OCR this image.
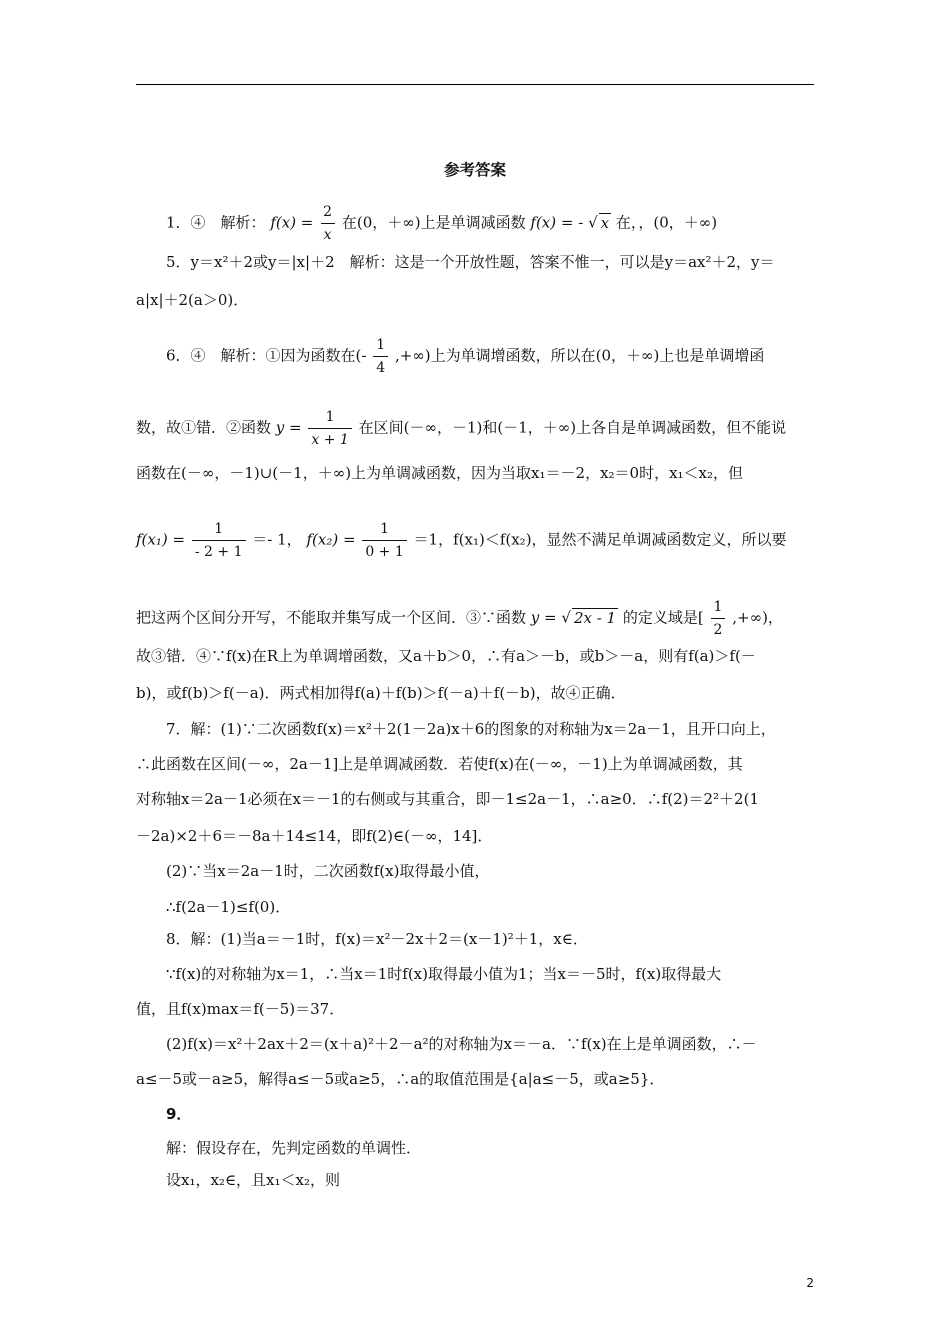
参考答案
1．④　解析： $f(x) = \frac{2}{x}$ 在(0，＋∞)上是单调减函数 f(x) = - √ x 在，，(0，＋∞)
5．y＝x²＋2或y＝|x|＋2　解析：这是一个开放性题，答案不惟一，可以是y＝ax²＋2，y＝
a|x|＋2(a＞0)．
6．④　解析：①因为函数在(- $\frac{1}{4}$ ,+∞)上为单调增函数，所以在(0，＋∞)上也是单调增函
数，故①错．②函数 $y = \frac{1}{x + 1}$ 在区间(－∞，－1)和(－1，＋∞)上各自是单调减函数，但不能说
函数在(－∞，－1)∪(－1，＋∞)上为单调减函数，因为当取x₁＝－2，x₂＝0时，x₁＜x₂，但
$f(x_1) = \frac{1}{- 2 + 1} =- 1$， $f(x_2) = \frac{1}{0 + 1} =1$，f(x₁)＜f(x₂)，显然不满足单调减函数定义，所以要
把这两个区间分开写，不能取并集写成一个区间．③∵函数 y = √ 2x - 1 的定义域是[ $\frac{1}{2}$ ,+∞)，
故③错．④∵f(x)在R上为单调增函数，又a＋b＞0，∴有a＞－b，或b＞－a，则有f(a)＞f(－
b)，或f(b)＞f(－a)．两式相加得f(a)＋f(b)＞f(－a)＋f(－b)，故④正确．
7．解：(1)∵二次函数f(x)＝x²＋2(1－2a)x＋6的图象的对称轴为x＝2a－1，且开口向上，
∴此函数在区间(－∞，2a－1]上是单调减函数．若使f(x)在(－∞，－1)上为单调减函数，其
对称轴x＝2a－1必须在x＝－1的右侧或与其重合，即－1≤2a－1，∴a≥0．∴f(2)＝2²＋2(1
－2a)×2＋6＝－8a＋14≤14，即f(2)∈(－∞，14]．
(2)∵当x＝2a－1时，二次函数f(x)取得最小值，
∴f(2a－1)≤f(0)．
8．解：(1)当a＝－1时，f(x)＝x²－2x＋2＝(x－1)²＋1，x∈．
∵f(x)的对称轴为x＝1，∴当x＝1时f(x)取得最小值为1；当x＝－5时，f(x)取得最大
值，且f(x)max＝f(－5)＝37．
(2)f(x)＝x²＋2ax＋2＝(x＋a)²＋2－a²的对称轴为x＝－a．∵f(x)在上是单调函数，∴－
a≤－5或－a≥5，解得a≤－5或a≥5，∴a的取值范围是{a|a≤－5，或a≥5}．
9．
解：假设存在，先判定函数的单调性．
设x₁，x₂∈，且x₁＜x₂，则
2
